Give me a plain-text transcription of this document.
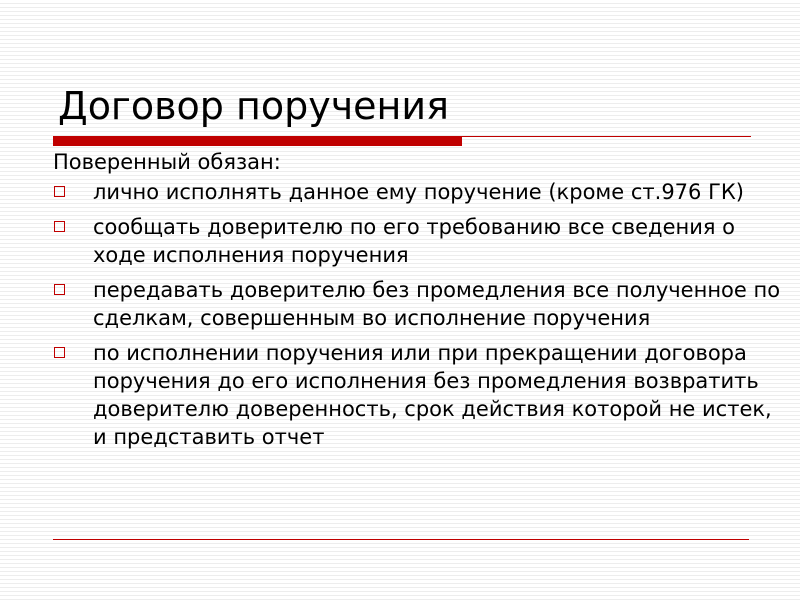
Договор поручения

Поверенный обязан:

лично исполнять данное ему поручение (кроме ст.976 ГК)
сообщать доверителю по его требованию все сведения о ходе исполнения поручения
передавать доверителю без промедления все полученное по сделкам, совершенным во исполнение поручения
по исполнении поручения или при прекращении договора поручения до его исполнения без промедления возвратить доверителю доверенность, срок действия которой не истек, и представить отчет
